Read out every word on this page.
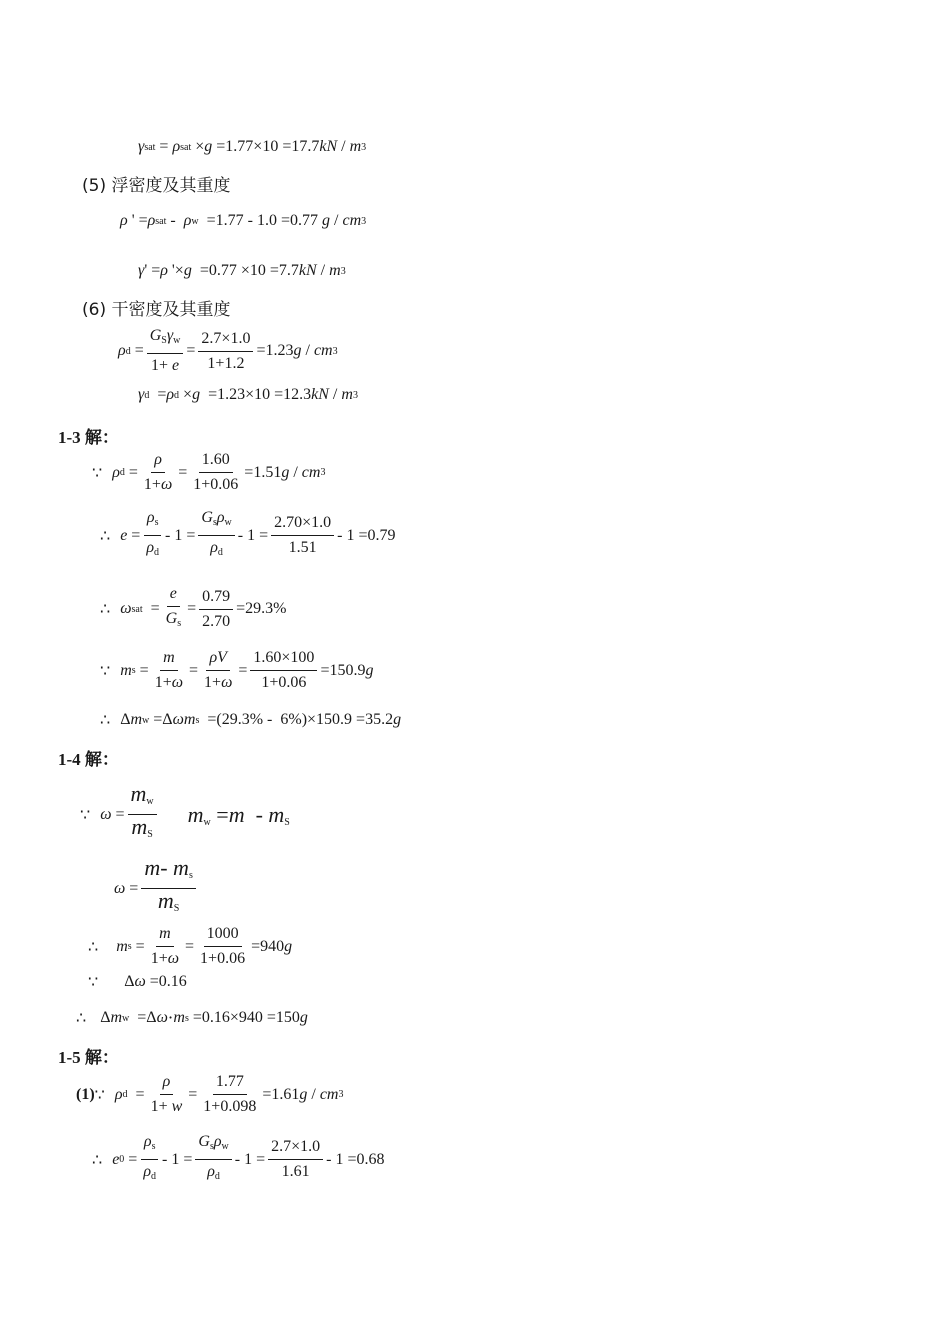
γ sat = ρ sat × g =1.77×10 =17.7 kN / m 3
(5) 浮密度及其重度
ρ ' = ρ sat - ρ w =1.77 - 1.0 =0.77 g / cm 3
γ ' = ρ '× g =0.77 ×10 =7.7 kN / m 3
(6) 干密度及其重度
ρ $d = \frac{G_S\gamma_w}{1+ e} = \frac{2.7\times 1.0}{1+1.2} =1.23$ g / cm 3
γ d = ρ d × g =1.23×10 =12.3 kN / m 3
1-3 解：
∵ ρ $d = \frac{\rho}{1+\omega} = \frac{1.60}{1+0.06} =1.51$ g / cm 3
∴ $e = \frac{\rho_s}{\rho_d} - 1 = \frac{G_s\rho_w}{\rho_d} - 1 = \frac{2.70\times 1.0}{1.51} - 1 =0.79$
∴ ω sat = $\frac{e}{G_s} = \frac{0.79}{2.70} =29.3\%$
∵ m $s = \frac{m}{1+\omega} = \frac{\rho V}{1+\omega} = \frac{1.60\times 100}{1+0.06} =150.9$ g
∴ Δ m w =Δ ωm s =(29.3% -  6%)×150.9 =35.2 g
1-4 解：
∵ $\omega = \frac{m_w}{m_S} m_w =m - m_S$
$\omega = \frac{m- m_s}{m_S}$
∴
m $s = \frac{m}{1+\omega} = \frac{1000}{1+0.06} =940$ g
∵ Δ ω =0.16
∴ Δ m w =Δ ω ⋅ m s =0.16×940 =150 g
1-5 解：
(1) ∵ ρ $d = \frac{\rho}{1+ w} = \frac{1.77}{1+0.098} =1.61$ g / cm 3
∴ e $0 = \frac{\rho_s}{\rho_d} - 1 = \frac{G_s\rho_w}{\rho_d} - 1 = \frac{2.7\times 1.0}{1.61} - 1 =0.68$
